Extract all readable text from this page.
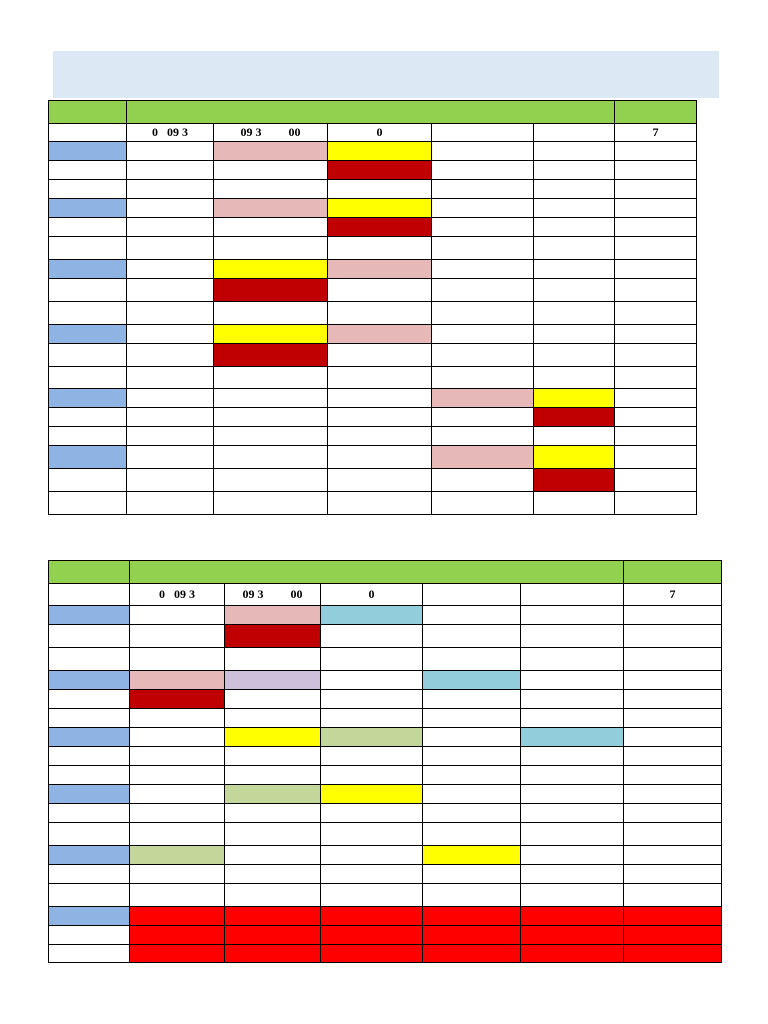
	0   09 3	09 3         00	0			7

	0   09 3	09 3         00	0			7
